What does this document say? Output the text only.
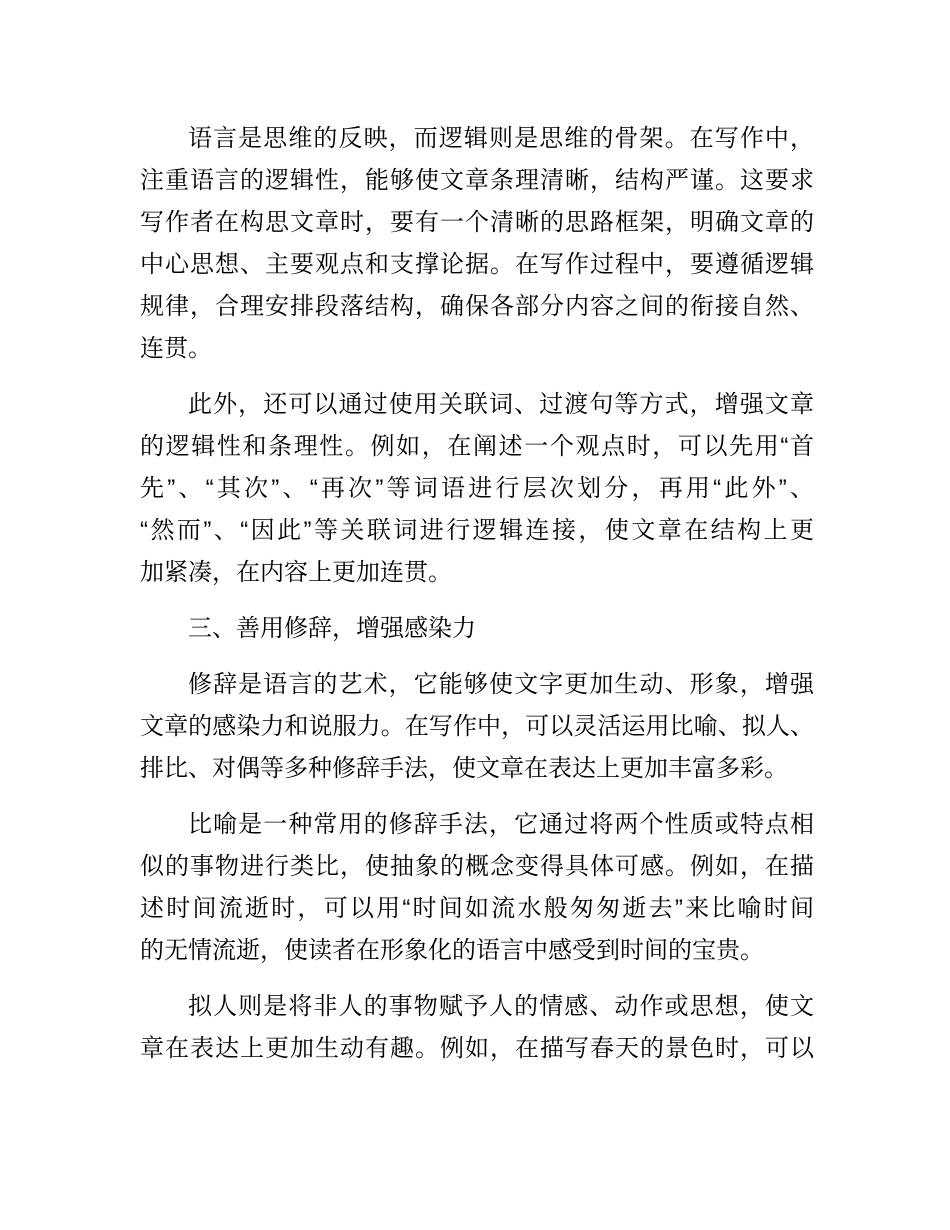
语言是思维的反映，而逻辑则是思维的骨架。在写作中，
注重语言的逻辑性，能够使文章条理清晰，结构严谨。这要求
写作者在构思文章时，要有一个清晰的思路框架，明确文章的
中心思想、主要观点和支撑论据。在写作过程中，要遵循逻辑
规律，合理安排段落结构，确保各部分内容之间的衔接自然、
连贯。
此外，还可以通过使用关联词、过渡句等方式，增强文章
的逻辑性和条理性。例如，在阐述一个观点时，可以先用“首
先”、“其次”、“再次”等词语进行层次划分，再用“此外”、
“然而”、“因此”等关联词进行逻辑连接，使文章在结构上更
加紧凑，在内容上更加连贯。
三、善用修辞，增强感染力
修辞是语言的艺术，它能够使文字更加生动、形象，增强
文章的感染力和说服力。在写作中，可以灵活运用比喻、拟人、
排比、对偶等多种修辞手法，使文章在表达上更加丰富多彩。
比喻是一种常用的修辞手法，它通过将两个性质或特点相
似的事物进行类比，使抽象的概念变得具体可感。例如，在描
述时间流逝时，可以用“时间如流水般匆匆逝去”来比喻时间
的无情流逝，使读者在形象化的语言中感受到时间的宝贵。
拟人则是将非人的事物赋予人的情感、动作或思想，使文
章在表达上更加生动有趣。例如，在描写春天的景色时，可以
